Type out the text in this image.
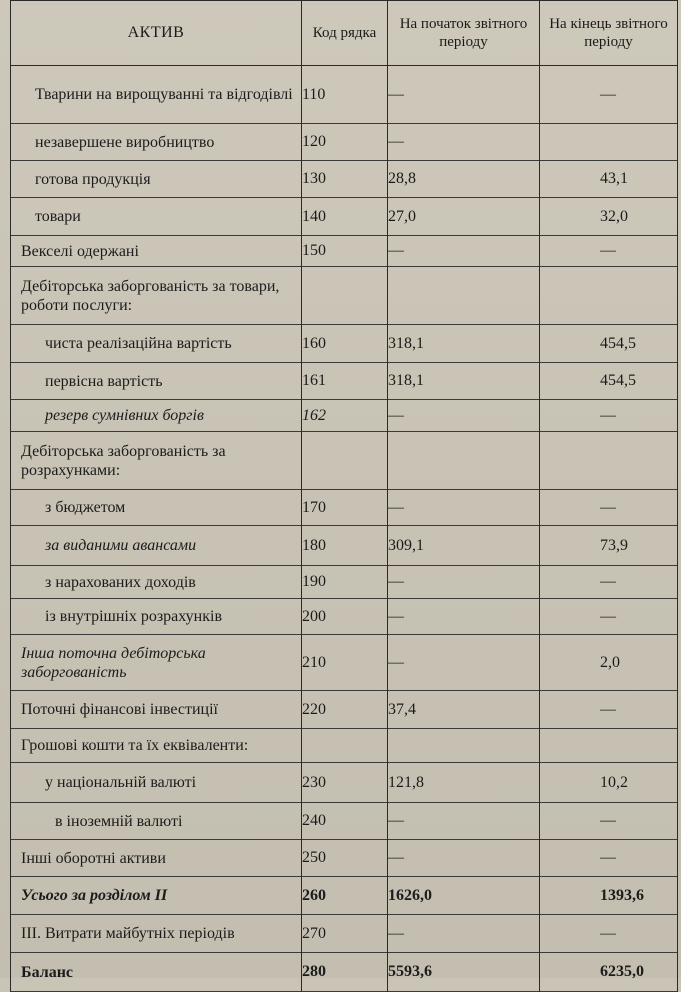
АКТИВ	Код рядка	На початок звітного періоду	На кінець звітного періоду

Тварини на вирощуванні та відгодівлі	110	—	—

незавершене виробництво	120	—	

готова продукція	130	28,8	43,1

товари	140	27,0	32,0

Векселі одержані	150	—	—

Дебіторська заборгованість за товари, роботи послуги:			

чиста реалізаційна вартість	160	318,1	454,5

первісна вартість	161	318,1	454,5

резерв сумнівних боргів	162	—	—

Дебіторська заборгованість за розрахунками:			

з бюджетом	170	—	—

за виданими авансами	180	309,1	73,9

з нарахованих доходів	190	—	—

із внутрішніх розрахунків	200	—	—

Інша поточна дебіторська заборгованість	210	—	2,0

Поточні фінансові інвестиції	220	37,4	—

Грошові кошти та їх еквіваленти:			

у національній валюті	230	121,8	10,2

в іноземній валюті	240	—	—

Інші оборотні активи	250	—	—

Усього за розділом II	260	1626,0	1393,6

ІІІ. Витрати майбутніх періодів	270	—	—

Баланс	280	5593,6	6235,0
